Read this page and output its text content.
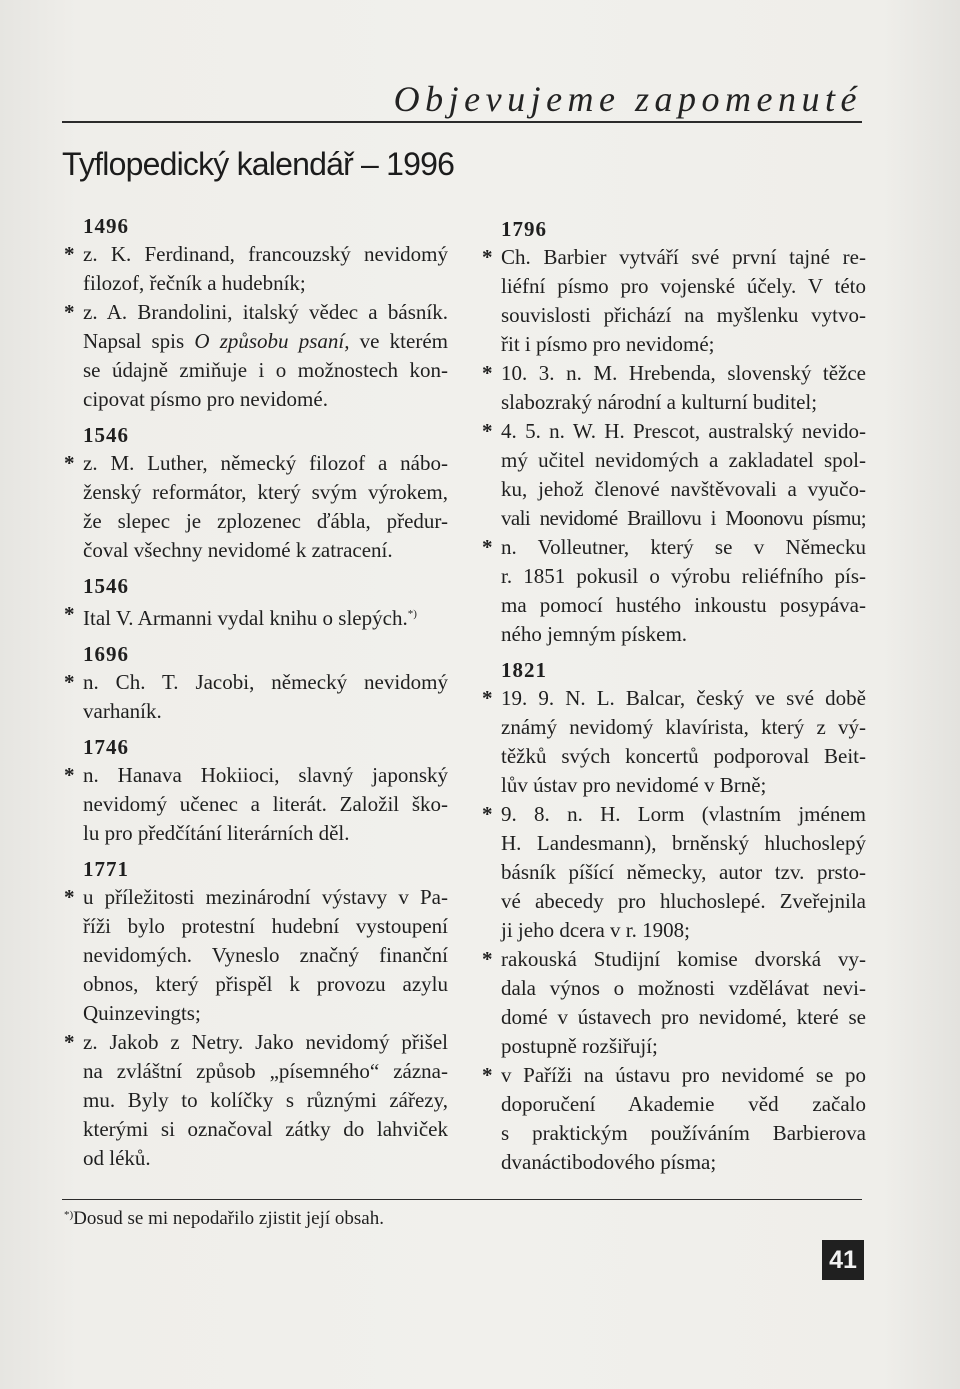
Objevujeme zapomenuté
Tyflopedický kalendář – 1996
1496
* z. K. Ferdinand, francouzský nevidomý
filozof, řečník a hudebník;
* z. A. Brandolini, italský vědec a básník.
Napsal spis O způsobu psaní, ve kterém
se údajně zmiňuje i o možnostech kon-
cipovat písmo pro nevidomé.
1546
* z. M. Luther, německý filozof a nábo-
ženský reformátor, který svým výrokem,
že slepec je zplozenec ďábla, předur-
čoval všechny nevidomé k zatracení.
1546
* Ital V. Armanni vydal knihu o slepých.*)
1696
* n. Ch. T. Jacobi, německý nevidomý
varhaník.
1746
* n. Hanava Hokiioci, slavný japonský
nevidomý učenec a literát. Založil ško-
lu pro předčítání literárních děl.
1771
* u příležitosti mezinárodní výstavy v Pa-
říži bylo protestní hudební vystoupení
nevidomých. Vyneslo značný finanční
obnos, který přispěl k provozu azylu
Quinzevingts;
* z. Jakob z Netry. Jako nevidomý přišel
na zvláštní způsob „písemného“ zázna-
mu. Byly to kolíčky s různými zářezy,
kterými si označoval zátky do lahviček
od léků.
1796
* Ch. Barbier vytváří své první tajné re-
liéfní písmo pro vojenské účely. V této
souvislosti přichází na myšlenku vytvo-
řit i písmo pro nevidomé;
* 10. 3. n. M. Hrebenda, slovenský těžce
slabozraký národní a kulturní buditel;
* 4. 5. n. W. H. Prescot, australský nevido-
mý učitel nevidomých a zakladatel spol-
ku, jehož členové navštěvovali a vyučo-
vali nevidomé Braillovu i Moonovu písmu;
* n. Volleutner, který se v Německu
r. 1851 pokusil o výrobu reliéfního pís-
ma pomocí hustého inkoustu posypáva-
ného jemným pískem.
1821
* 19. 9. N. L. Balcar, český ve své době
známý nevidomý klavírista, který z vý-
těžků svých koncertů podporoval Beit-
lův ústav pro nevidomé v Brně;
* 9. 8. n. H. Lorm (vlastním jménem
H. Landesmann), brněnský hluchoslepý
básník píšící německy, autor tzv. prsto-
vé abecedy pro hluchoslepé. Zveřejnila
ji jeho dcera v r. 1908;
* rakouská Studijní komise dvorská vy-
dala výnos o možnosti vzdělávat nevi-
domé v ústavech pro nevidomé, které se
postupně rozšiřují;
* v Paříži na ústavu pro nevidomé se po
doporučení Akademie věd začalo
s praktickým používáním Barbierova
dvanáctibodového písma;
*)Dosud se mi nepodařilo zjistit její obsah.
41
